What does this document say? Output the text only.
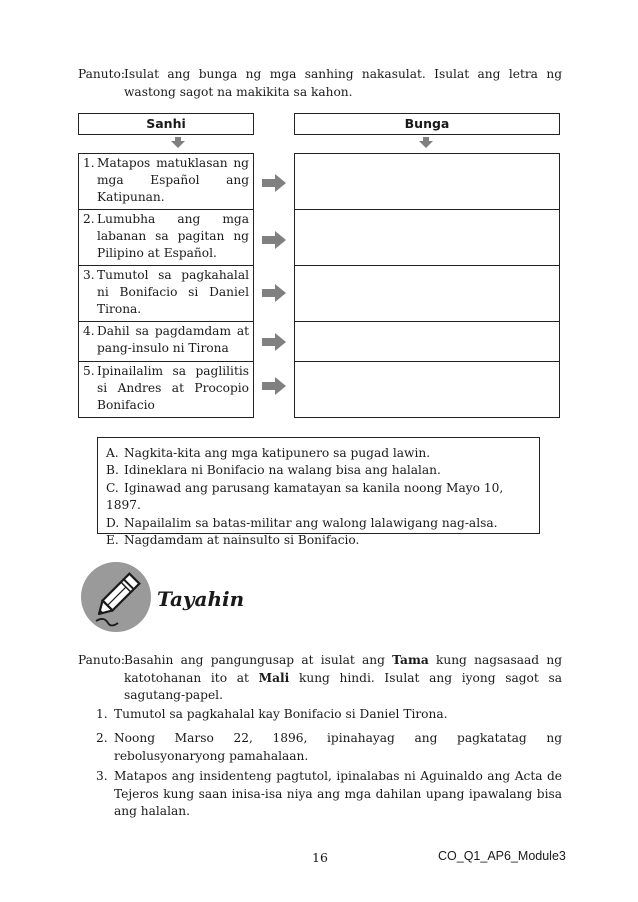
Panuto: Isulat ang bunga ng mga sanhing nakasulat. Isulat ang letra ng wastong sagot na makikita sa kahon.
Sanhi	Bunga
1. Matapos matuklasan ng mga Español ang Katipunan.
2. Lumubha ang mga labanan sa pagitan ng Pilipino at Español.
3. Tumutol sa pagkahalal ni Bonifacio si Daniel Tirona.
4. Dahil sa pagdamdam at pang-insulo ni Tirona
5. Ipinailalim sa paglilitis si Andres at Procopio Bonifacio
A. Nagkita-kita ang mga katipunero sa pugad lawin.
B. Idineklara ni Bonifacio na walang bisa ang halalan.
C. Iginawad ang parusang kamatayan sa kanila noong Mayo 10, 1897.
D. Napailalim sa batas-militar ang walong lalawigang nag-alsa.
E. Nagdamdam at nainsulto si Bonifacio.
Tayahin
Panuto: Basahin ang pangungusap at isulat ang Tama kung nagsasaad ng katotohanan ito at Mali kung hindi. Isulat ang iyong sagot sa sagutang-papel.
1. Tumutol sa pagkahalal kay Bonifacio si Daniel Tirona.
2. Noong Marso 22, 1896, ipinahayag ang pagkatatag ng rebolusyonaryong pamahalaan.
3. Matapos ang insidenteng pagtutol, ipinalabas ni Aguinaldo ang Acta de Tejeros kung saan inisa-isa niya ang mga dahilan upang ipawalang bisa ang halalan.
16	CO_Q1_AP6_Module3
